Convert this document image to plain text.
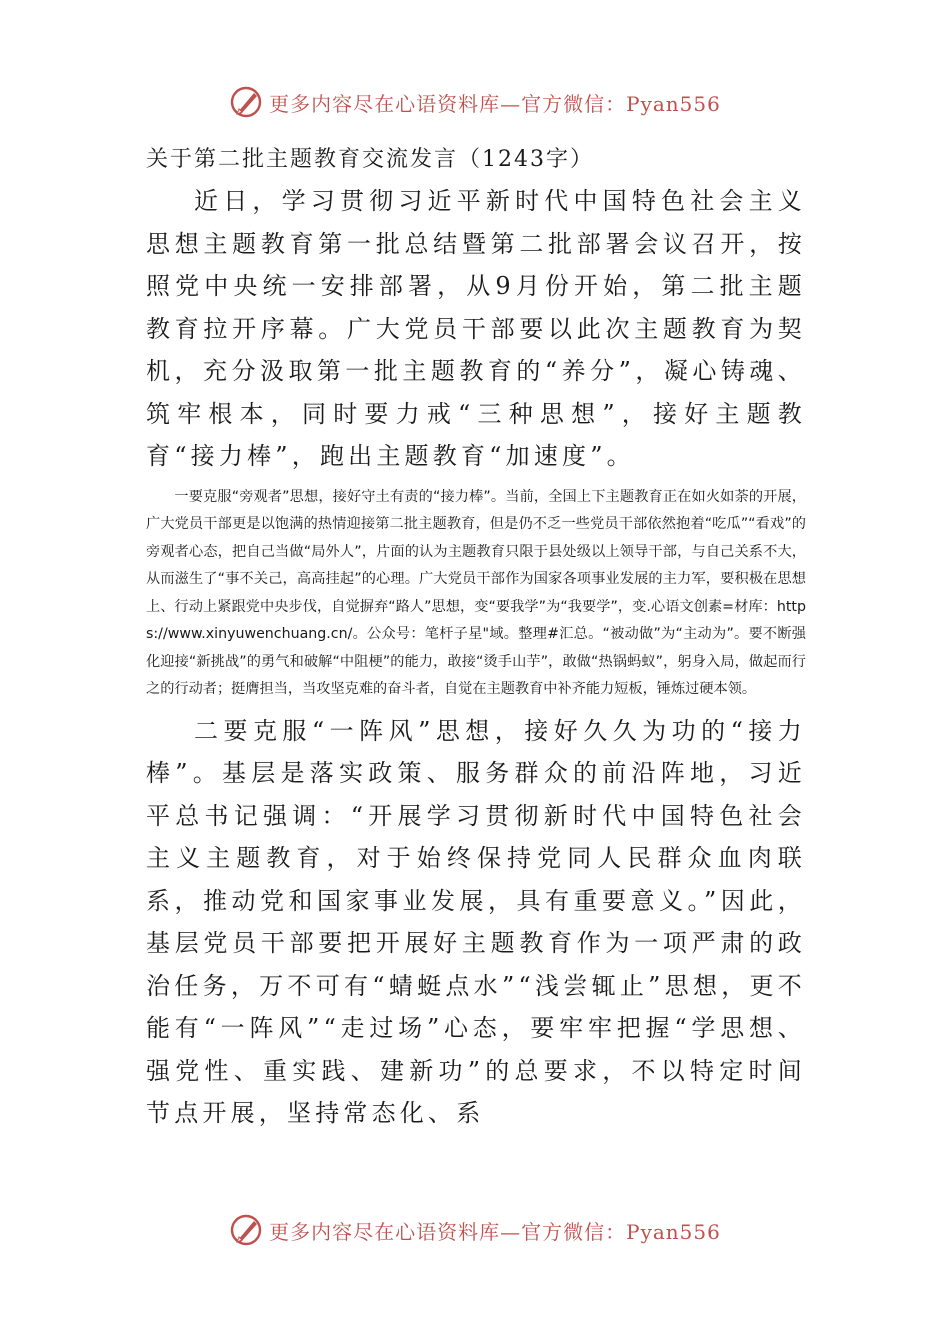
更多内容尽在心语资料库—官方微信：Pyan556
关于第二批主题教育交流发言（1243字）

近日，学习贯彻习近平新时代中国特色社会主义思想主题教育第一批总结暨第二批部署会议召开，按照党中央统一安排部署，从9月份开始，第二批主题教育拉开序幕。广大党员干部要以此次主题教育为契机，充分汲取第一批主题教育的“养分”，凝心铸魂、筑牢根本，同时要力戒“三种思想”，接好主题教育“接力棒”，跑出主题教育“加速度”。

一要克服“旁观者”思想，接好守土有责的“接力棒”。当前，全国上下主题教育正在如火如荼的开展，广大党员干部更是以饱满的热情迎接第二批主题教育，但是仍不乏一些党员干部依然抱着“吃瓜”“看戏”的旁观者心态，把自己当做“局外人”，片面的认为主题教育只限于县处级以上领导干部，与自己关系不大，从而滋生了“事不关己，高高挂起”的心理。广大党员干部作为国家各项事业发展的主力军，要积极在思想上、行动上紧跟党中央步伐，自觉摒弃“路人”思想，变“要我学”为“我要学”，变.心语文创素=材库：https://www.xinyuwenchuang.cn/。公众号：笔杆子星"域。整理#汇总。“被动做”为“主动为”。要不断强化迎接“新挑战”的勇气和破解“中阻梗”的能力，敢接“烫手山芋”，敢做“热锅蚂蚁”，躬身入局，做起而行之的行动者；挺膺担当，当攻坚克难的奋斗者，自觉在主题教育中补齐能力短板，锤炼过硬本领。

二要克服“一阵风”思想，接好久久为功的“接力棒”。基层是落实政策、服务群众的前沿阵地，习近平总书记强调：“开展学习贯彻新时代中国特色社会主义主题教育，对于始终保持党同人民群众血肉联系，推动党和国家事业发展，具有重要意义。”因此，基层党员干部要把开展好主题教育作为一项严肃的政治任务，万不可有“蜻蜓点水”“浅尝辄止”思想，更不能有“一阵风”“走过场”心态，要牢牢把握“学思想、强党性、重实践、建新功”的总要求，不以特定时间节点开展，坚持常态化、系

更多内容尽在心语资料库—官方微信：Pyan556
